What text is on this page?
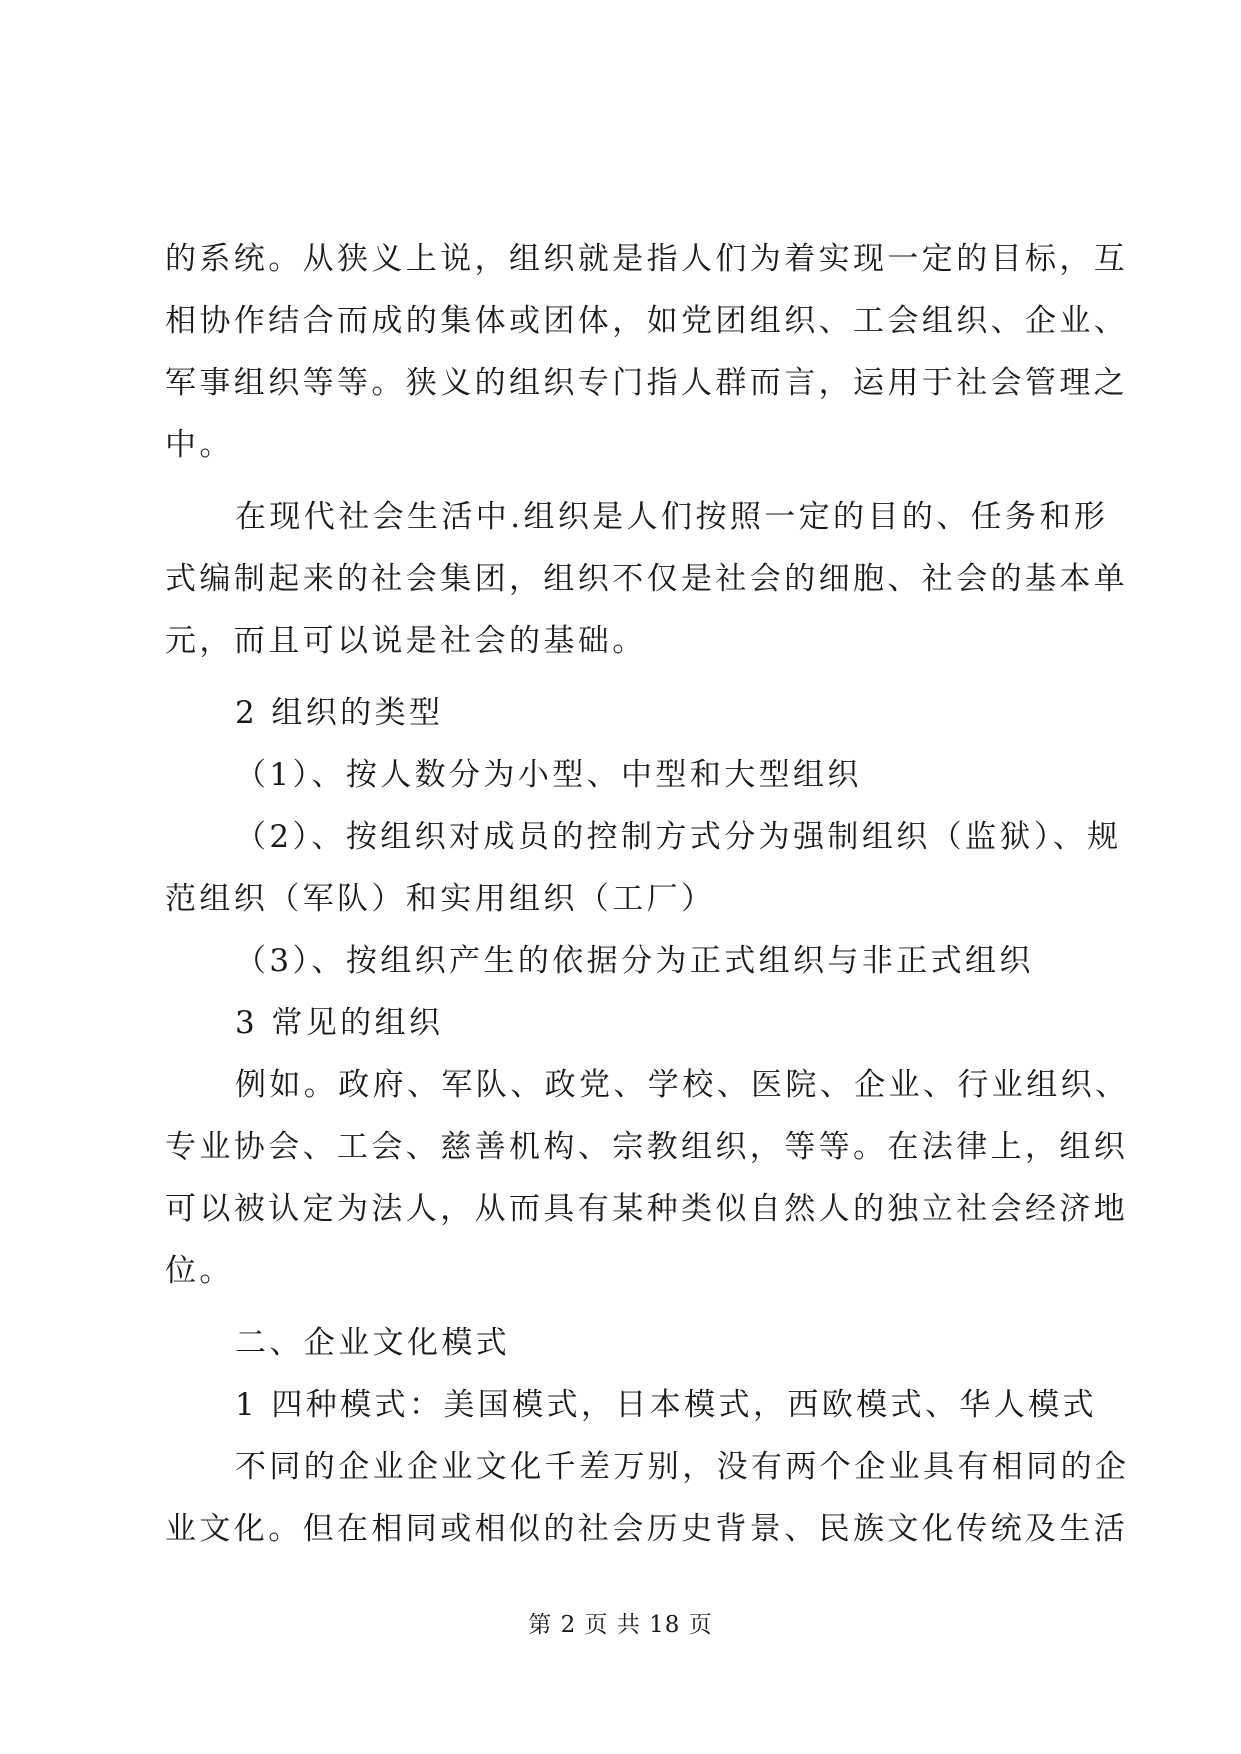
的系统。从狭义上说，组织就是指人们为着实现一定的目标，互
相协作结合而成的集体或团体，如党团组织、工会组织、企业、
军事组织等等。狭义的组织专门指人群而言，运用于社会管理之
中。
在现代社会生活中.组织是人们按照一定的目的、任务和形
式编制起来的社会集团，组织不仅是社会的细胞、社会的基本单
元，而且可以说是社会的基础。
2 组织的类型
（1）、按人数分为小型、中型和大型组织
（2）、按组织对成员的控制方式分为强制组织（监狱）、规
范组织（军队）和实用组织（工厂）
（3）、按组织产生的依据分为正式组织与非正式组织
3 常见的组织
例如。政府、军队、政党、学校、医院、企业、行业组织、
专业协会、工会、慈善机构、宗教组织，等等。在法律上，组织
可以被认定为法人，从而具有某种类似自然人的独立社会经济地
位。
二、企业文化模式
1 四种模式：美国模式，日本模式，西欧模式、华人模式
不同的企业企业文化千差万别，没有两个企业具有相同的企
业文化。但在相同或相似的社会历史背景、民族文化传统及生活
第 2 页 共 18 页
